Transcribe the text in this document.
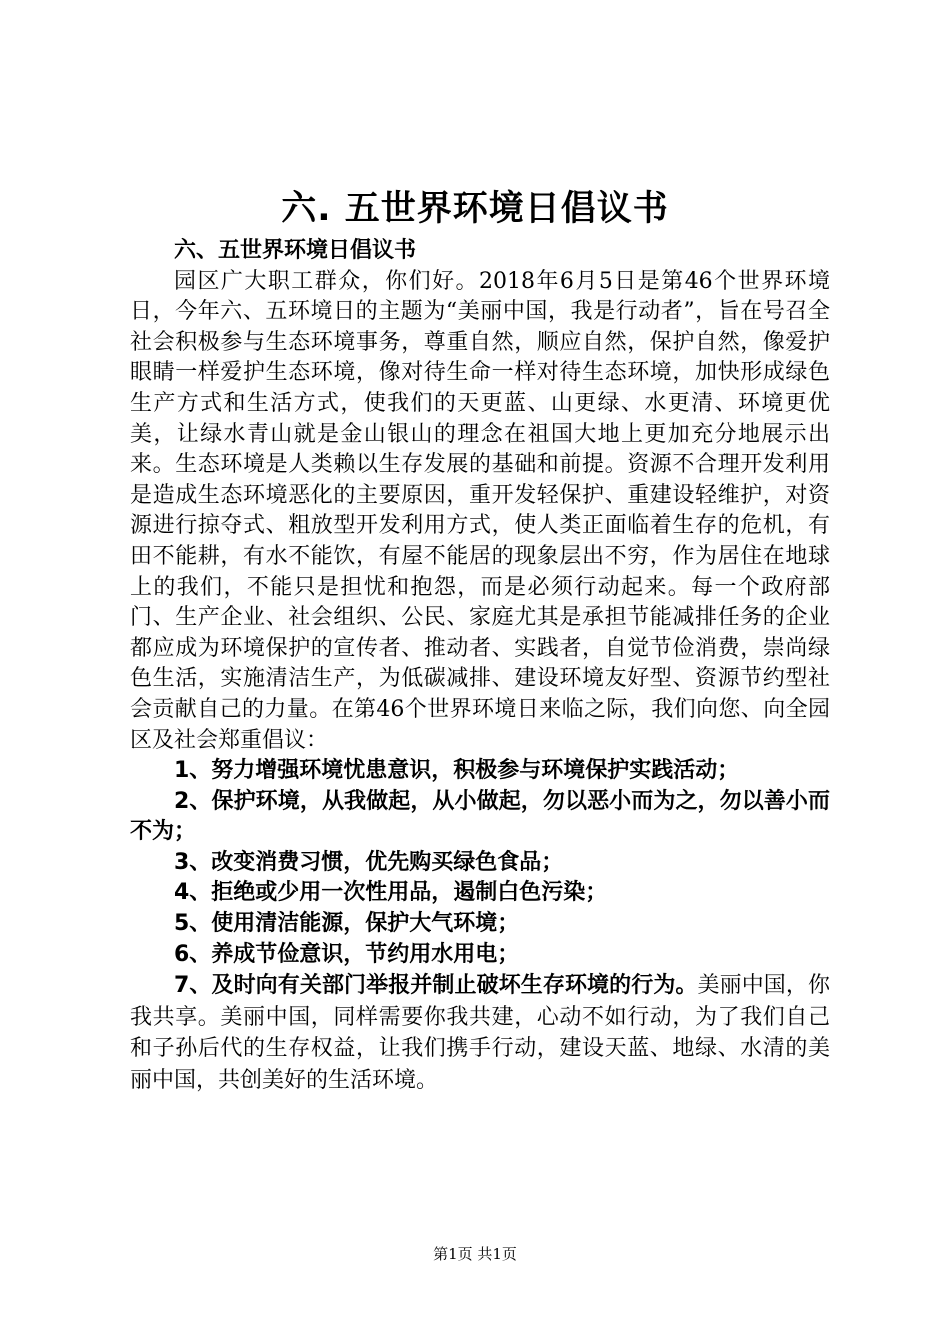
六. 五世界环境日倡议书

六、五世界环境日倡议书

园区广大职工群众，你们好。2018年6月5日是第46个世界环境日，今年六、五环境日的主题为“美丽中国，我是行动者”，旨在号召全社会积极参与生态环境事务，尊重自然，顺应自然，保护自然，像爱护眼睛一样爱护生态环境，像对待生命一样对待生态环境，加快形成绿色生产方式和生活方式，使我们的天更蓝、山更绿、水更清、环境更优美，让绿水青山就是金山银山的理念在祖国大地上更加充分地展示出来。生态环境是人类赖以生存发展的基础和前提。资源不合理开发利用是造成生态环境恶化的主要原因，重开发轻保护、重建设轻维护，对资源进行掠夺式、粗放型开发利用方式，使人类正面临着生存的危机，有田不能耕，有水不能饮，有屋不能居的现象层出不穷，作为居住在地球上的我们，不能只是担忧和抱怨，而是必须行动起来。每一个政府部门、生产企业、社会组织、公民、家庭尤其是承担节能减排任务的企业都应成为环境保护的宣传者、推动者、实践者，自觉节俭消费，崇尚绿色生活，实施清洁生产，为低碳减排、建设环境友好型、资源节约型社会贡献自己的力量。在第46个世界环境日来临之际，我们向您、向全园区及社会郑重倡议：

1、努力增强环境忧患意识，积极参与环境保护实践活动；

2、保护环境，从我做起，从小做起，勿以恶小而为之，勿以善小而不为；

3、改变消费习惯，优先购买绿色食品；

4、拒绝或少用一次性用品，遏制白色污染；

5、使用清洁能源，保护大气环境；

6、养成节俭意识，节约用水用电；

7、及时向有关部门举报并制止破坏生存环境的行为。美丽中国，你我共享。美丽中国，同样需要你我共建，心动不如行动，为了我们自己和子孙后代的生存权益，让我们携手行动，建设天蓝、地绿、水清的美丽中国，共创美好的生活环境。

第1页 共1页
